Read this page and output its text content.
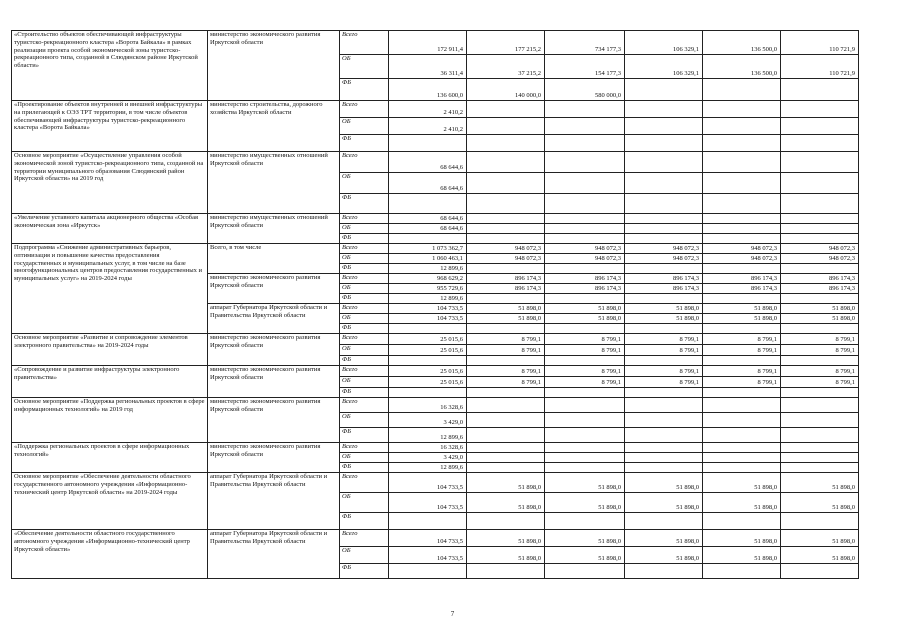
«Строительство объектов обеспечивающей инфраструктуры туристско-рекреационного кластера «Ворота Байкала» в рамках реализации проекта особой экономической зоны туристско-рекреационного типа, созданной в Слюдянском районе Иркутской области»	министерство экономического развития Иркутской области	Всего	172 911,4	177 215,2	734 177,3	106 329,1	136 500,0	110 721,9
		ОБ	36 311,4	37 215,2	154 177,3	106 329,1	136 500,0	110 721,9
		ФБ	136 600,0	140 000,0	580 000,0			
«Проектирование объектов внутренней и внешней инфраструктуры на прилегающей к ОЭЗ ТРТ территории, в том числе объектов обеспечивающей инфраструктуры туристско-рекреационного кластера «Ворота Байкала»	министерство строительства, дорожного хозяйства Иркутской области	Всего	2 410,2					
		ОБ	2 410,2					
		ФБ						
Основное мероприятие «Осуществление управления особой экономической зоной туристско-рекреационного типа, созданной на территории муниципального образования Слюдянский район Иркутской области» на 2019 год	министерство имущественных отношений Иркутской области	Всего	68 644,6					
		ОБ	68 644,6					
		ФБ						
«Увеличение уставного капитала акционерного общества «Особая экономическая зона «Иркутск»	министерство имущественных отношений Иркутской области	Всего	68 644,6					
		ОБ	68 644,6					
		ФБ						
Подпрограмма «Снижение административных барьеров, оптимизация и повышение качества предоставления государственных и муниципальных услуг, в том числе на базе многофункциональных центров предоставления государственных и муниципальных услуг» на 2019-2024 годы	Всего, в том числе	Всего	1 073 362,7	948 072,3	948 072,3	948 072,3	948 072,3	948 072,3
		ОБ	1 060 463,1	948 072,3	948 072,3	948 072,3	948 072,3	948 072,3
		ФБ	12 899,6					
	министерство экономического развития Иркутской области	Всего	968 629,2	896 174,3	896 174,3	896 174,3	896 174,3	896 174,3
		ОБ	955 729,6	896 174,3	896 174,3	896 174,3	896 174,3	896 174,3
		ФБ	12 899,6					
	аппарат Губернатора Иркутской области и Правительства Иркутской области	Всего	104 733,5	51 898,0	51 898,0	51 898,0	51 898,0	51 898,0
		ОБ	104 733,5	51 898,0	51 898,0	51 898,0	51 898,0	51 898,0
		ФБ						
Основное мероприятие «Развитие и сопровождение элементов электронного правительства» на 2019-2024 годы	министерство экономического развития Иркутской области	Всего	25 015,6	8 799,1	8 799,1	8 799,1	8 799,1	8 799,1
		ОБ	25 015,6	8 799,1	8 799,1	8 799,1	8 799,1	8 799,1
		ФБ						
«Сопровождение и развитие инфраструктуры электронного правительства»	министерство экономического развития Иркутской области	Всего	25 015,6	8 799,1	8 799,1	8 799,1	8 799,1	8 799,1
		ОБ	25 015,6	8 799,1	8 799,1	8 799,1	8 799,1	8 799,1
		ФБ						
Основное мероприятие «Поддержка региональных проектов в сфере информационных технологий» на 2019 год	министерство экономического развития Иркутской области	Всего	16 328,6					
		ОБ	3 429,0					
		ФБ	12 899,6					
«Поддержка региональных проектов в сфере информационных технологий»	министерство экономического развития Иркутской области	Всего	16 328,6					
		ОБ	3 429,0					
		ФБ	12 899,6					
Основное мероприятие «Обеспечение деятельности областного государственного автономного учреждения «Информационно-технический центр Иркутской области» на 2019-2024 годы	аппарат Губернатора Иркутской области и Правительства Иркутской области	Всего	104 733,5	51 898,0	51 898,0	51 898,0	51 898,0	51 898,0
		ОБ	104 733,5	51 898,0	51 898,0	51 898,0	51 898,0	51 898,0
		ФБ						
«Обеспечение деятельности областного государственного автономного учреждения «Информационно-технический центр Иркутской области»	аппарат Губернатора Иркутской области и Правительства Иркутской области	Всего	104 733,5	51 898,0	51 898,0	51 898,0	51 898,0	51 898,0
		ОБ	104 733,5	51 898,0	51 898,0	51 898,0	51 898,0	51 898,0
		ФБ						
7
